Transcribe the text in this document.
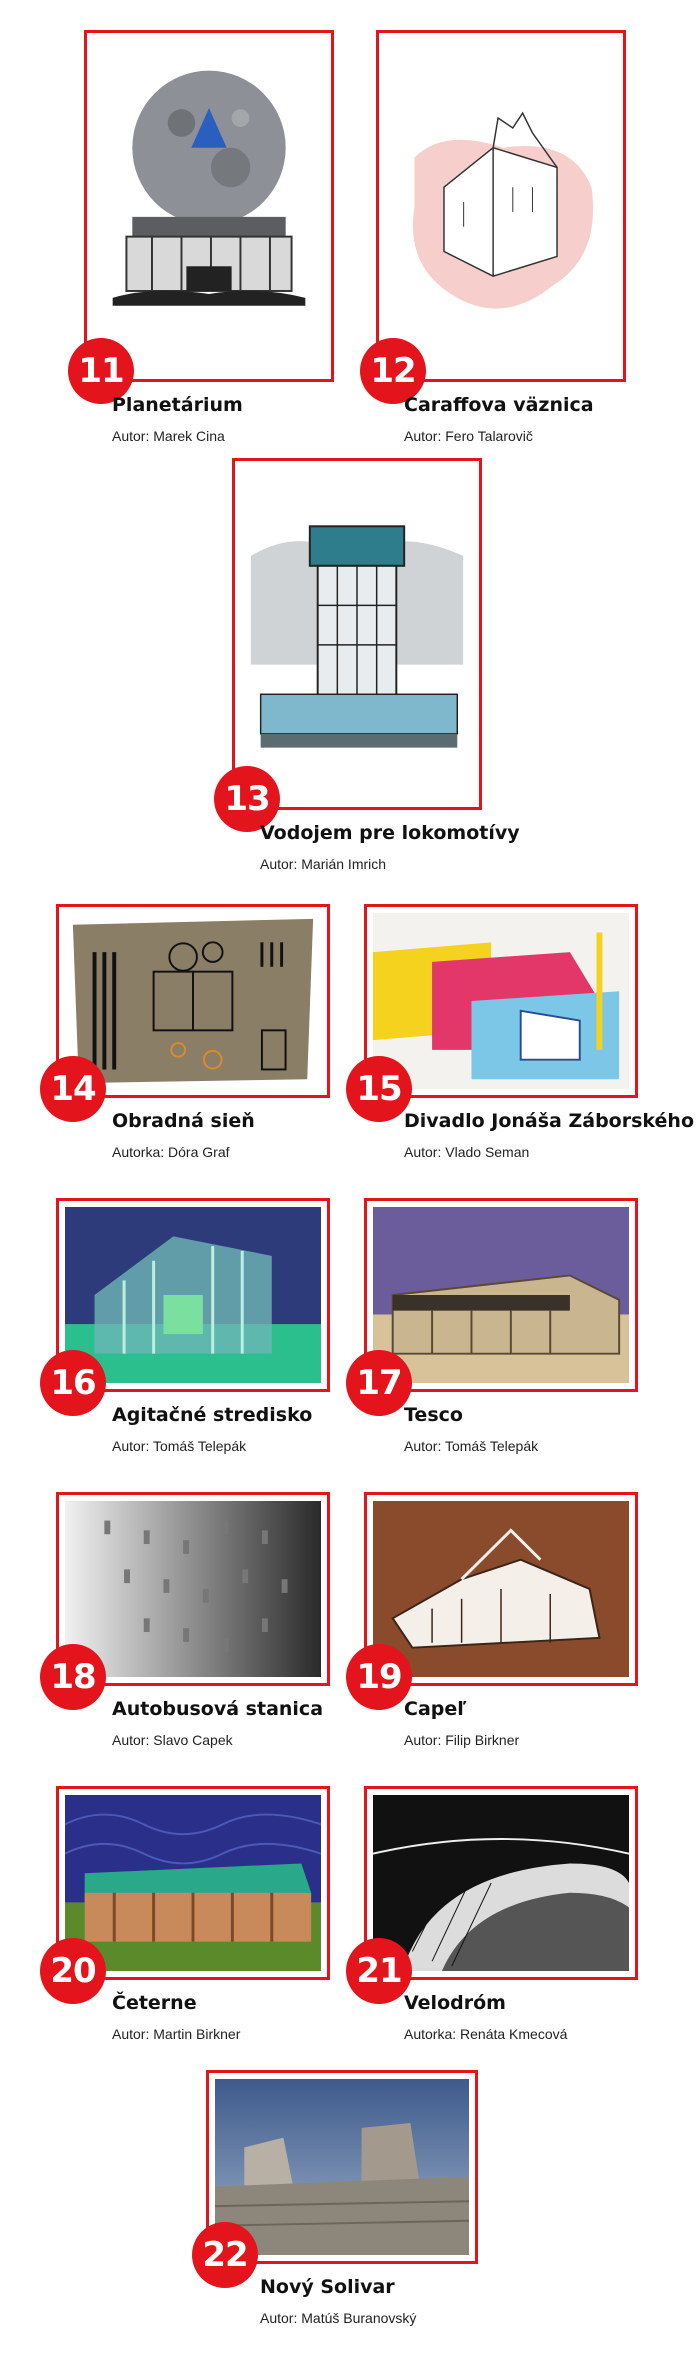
11
Planetárium
Autor: Marek Cina
12
Caraffova väznica
Autor: Fero Talarovič
13
Vodojem pre lokomotívy
Autor: Marián Imrich
14
Obradná sieň
Autorka: Dóra Graf
15
Divadlo Jonáša Záborského
Autor: Vlado Seman
16
Agitačné stredisko
Autor: Tomáš Telepák
17
Tesco
Autor: Tomáš Telepák
18
Autobusová stanica
Autor: Slavo Capek
19
Capeľ
Autor: Filip Birkner
20
Četerne
Autor: Martin Birkner
21
Velodróm
Autorka: Renáta Kmecová
22
Nový Solivar
Autor: Matúš Buranovský
